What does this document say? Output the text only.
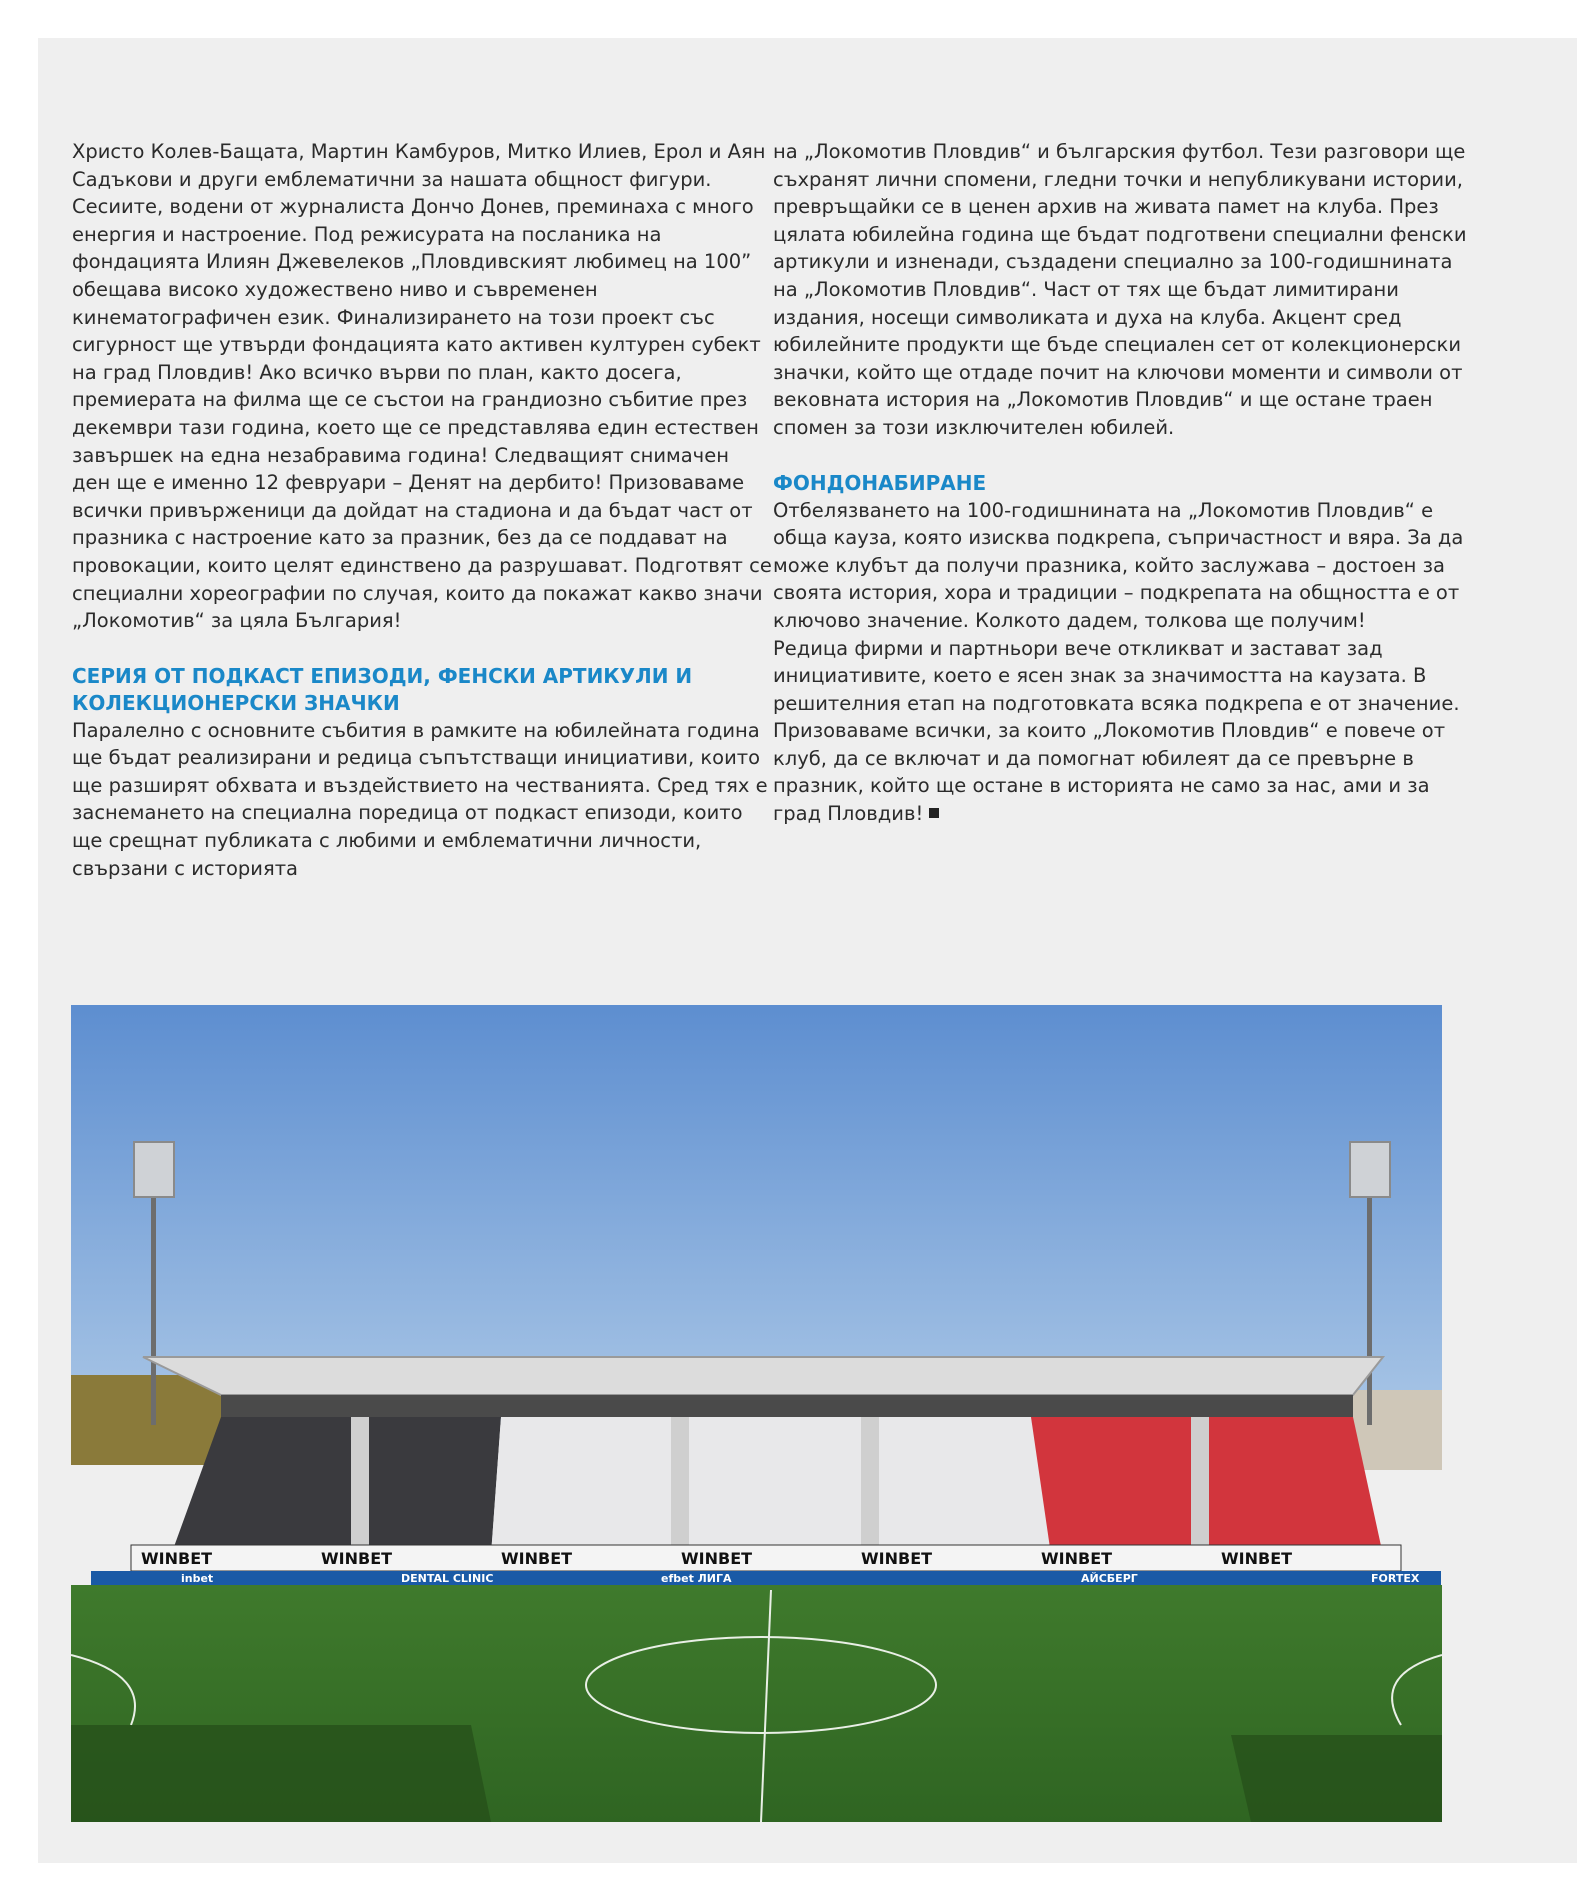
Христо Колев-Бащата, Мартин Камбуров, Митко Илиев, Ерол и Аян Садъкови и други емблематични за нашата общност фигури. Сесиите, водени от журналиста Дончо Донев, преминаха с много енергия и настроение. Под режисурата на посланика на фондацията Илиян Джевелеков „Пловдивският любимец на 100” обещава високо художествено ниво и съвременен кинематографичен език. Финализирането на този проект със сигурност ще утвърди фондацията като активен културен субект на град Пловдив! Ако всичко върви по план, както досега, премиерата на филма ще се състои на грандиозно събитие през декември тази година, което ще се представлява един естествен завършек на една незабравима година! Следващият снимачен ден ще е именно 12 февруари – Денят на дербито! Призоваваме всички привърженици да дойдат на стадиона и да бъдат част от празника с настроение като за празник, без да се поддават на провокации, които целят единствено да разрушават. Подготвят се специални хореографии по случая, които да покажат какво значи „Локомотив“ за цяла България!

СЕРИЯ ОТ ПОДКАСТ ЕПИЗОДИ, ФЕНСКИ АРТИКУЛИ И КОЛЕКЦИОНЕРСКИ ЗНАЧКИ

Паралелно с основните събития в рамките на юбилейната година ще бъдат реализирани и редица съпътстващи инициативи, които ще разширят обхвата и въздействието на честванията. Сред тях е заснемането на специална поредица от подкаст епизоди, които ще срещнат публиката с любими и емблематични личности, свързани с историята

на „Локомотив Пловдив“ и българския футбол. Тези разговори ще съхранят лични спомени, гледни точки и непубликувани истории, превръщайки се в ценен архив на живата памет на клуба. През цялата юбилейна година ще бъдат подготвени специални фенски артикули и изненади, създадени специално за 100-годишнината на „Локомотив Пловдив“. Част от тях ще бъдат лимитирани издания, носещи символиката и духа на клуба. Акцент сред юбилейните продукти ще бъде специален сет от колекционерски значки, който ще отдаде почит на ключови моменти и символи от вековната история на „Локомотив Пловдив“ и ще остане траен спомен за този изключителен юбилей.

ФОНДОНАБИРАНЕ

Отбелязването на 100-годишнината на „Локомотив Пловдив“ е обща кауза, която изисква подкрепа, съпричастност и вяра. За да може клубът да получи празника, който заслужава – достоен за своята история, хора и традиции – подкрепата на общността е от ключово значение. Колкото дадем, толкова ще получим!

Редица фирми и партньори вече откликват и застават зад инициативите, което е ясен знак за значимостта на каузата. В решителния етап на подготовката всяка подкрепа е от значение.

Призоваваме всички, за които „Локомотив Пловдив“ е повече от клуб, да се включат и да помогнат юбилеят да се превърне в празник, който ще остане в историята не само за нас, ами и за град Пловдив!

WINBET	WINBET	WINBET	WINBET	WINBET	WINBET	WINBET
inbet	efbet ЛИГА
DENTAL CLINIC	FORTEX
АЙСБЕРГ
